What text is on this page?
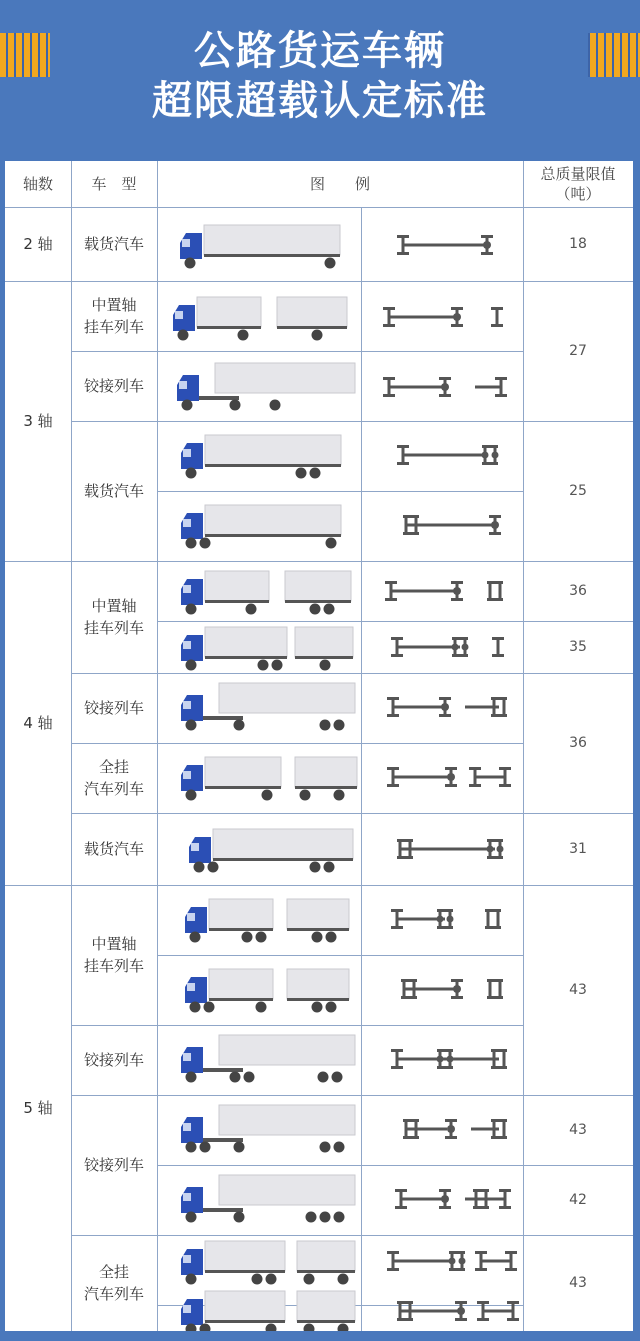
公路货运车辆
超限超载认定标准
轴数	车　型	图　　例
总质量限值
（吨）
2 轴
3 轴
4 轴
5 轴
载货汽车
中置轴
挂车列车
铰接列车
载货汽车
中置轴
挂车列车
铰接列车
全挂
汽车列车
载货汽车
中置轴
挂车列车
铰接列车
铰接列车
全挂
汽车列车
18
27
25
36
35
36
31
43
43
42
43
